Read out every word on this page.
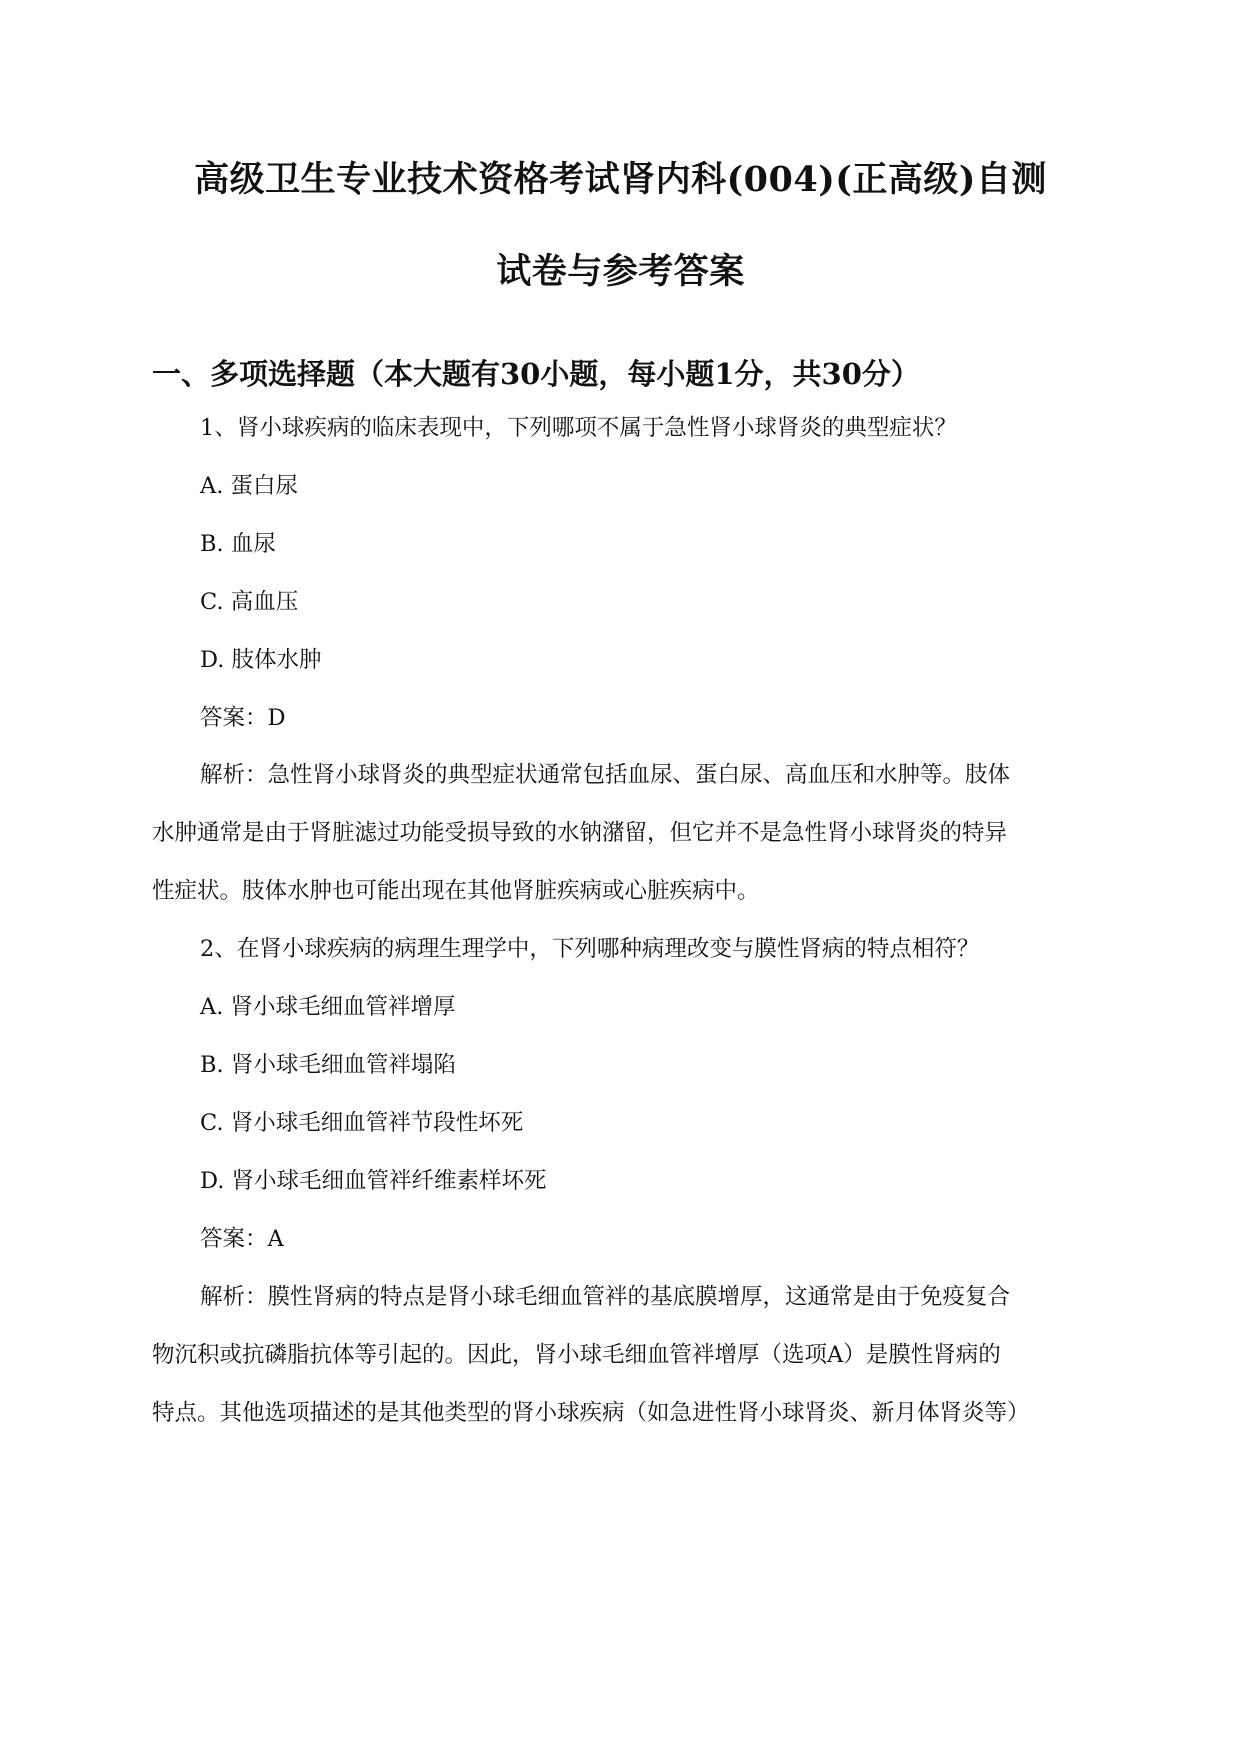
高级卫生专业技术资格考试肾内科(004)(正高级)自测
试卷与参考答案
一、多项选择题（本大题有30小题，每小题1分，共30分）
1、肾小球疾病的临床表现中，下列哪项不属于急性肾小球肾炎的典型症状？
A. 蛋白尿
B. 血尿
C. 高血压
D. 肢体水肿
答案：D
解析：急性肾小球肾炎的典型症状通常包括血尿、蛋白尿、高血压和水肿等。肢体
水肿通常是由于肾脏滤过功能受损导致的水钠潴留，但它并不是急性肾小球肾炎的特异
性症状。肢体水肿也可能出现在其他肾脏疾病或心脏疾病中。
2、在肾小球疾病的病理生理学中，下列哪种病理改变与膜性肾病的特点相符？
A. 肾小球毛细血管袢增厚
B. 肾小球毛细血管袢塌陷
C. 肾小球毛细血管袢节段性坏死
D. 肾小球毛细血管袢纤维素样坏死
答案：A
解析：膜性肾病的特点是肾小球毛细血管袢的基底膜增厚，这通常是由于免疫复合
物沉积或抗磷脂抗体等引起的。因此，肾小球毛细血管袢增厚（选项A）是膜性肾病的
特点。其他选项描述的是其他类型的肾小球疾病（如急进性肾小球肾炎、新月体肾炎等）
